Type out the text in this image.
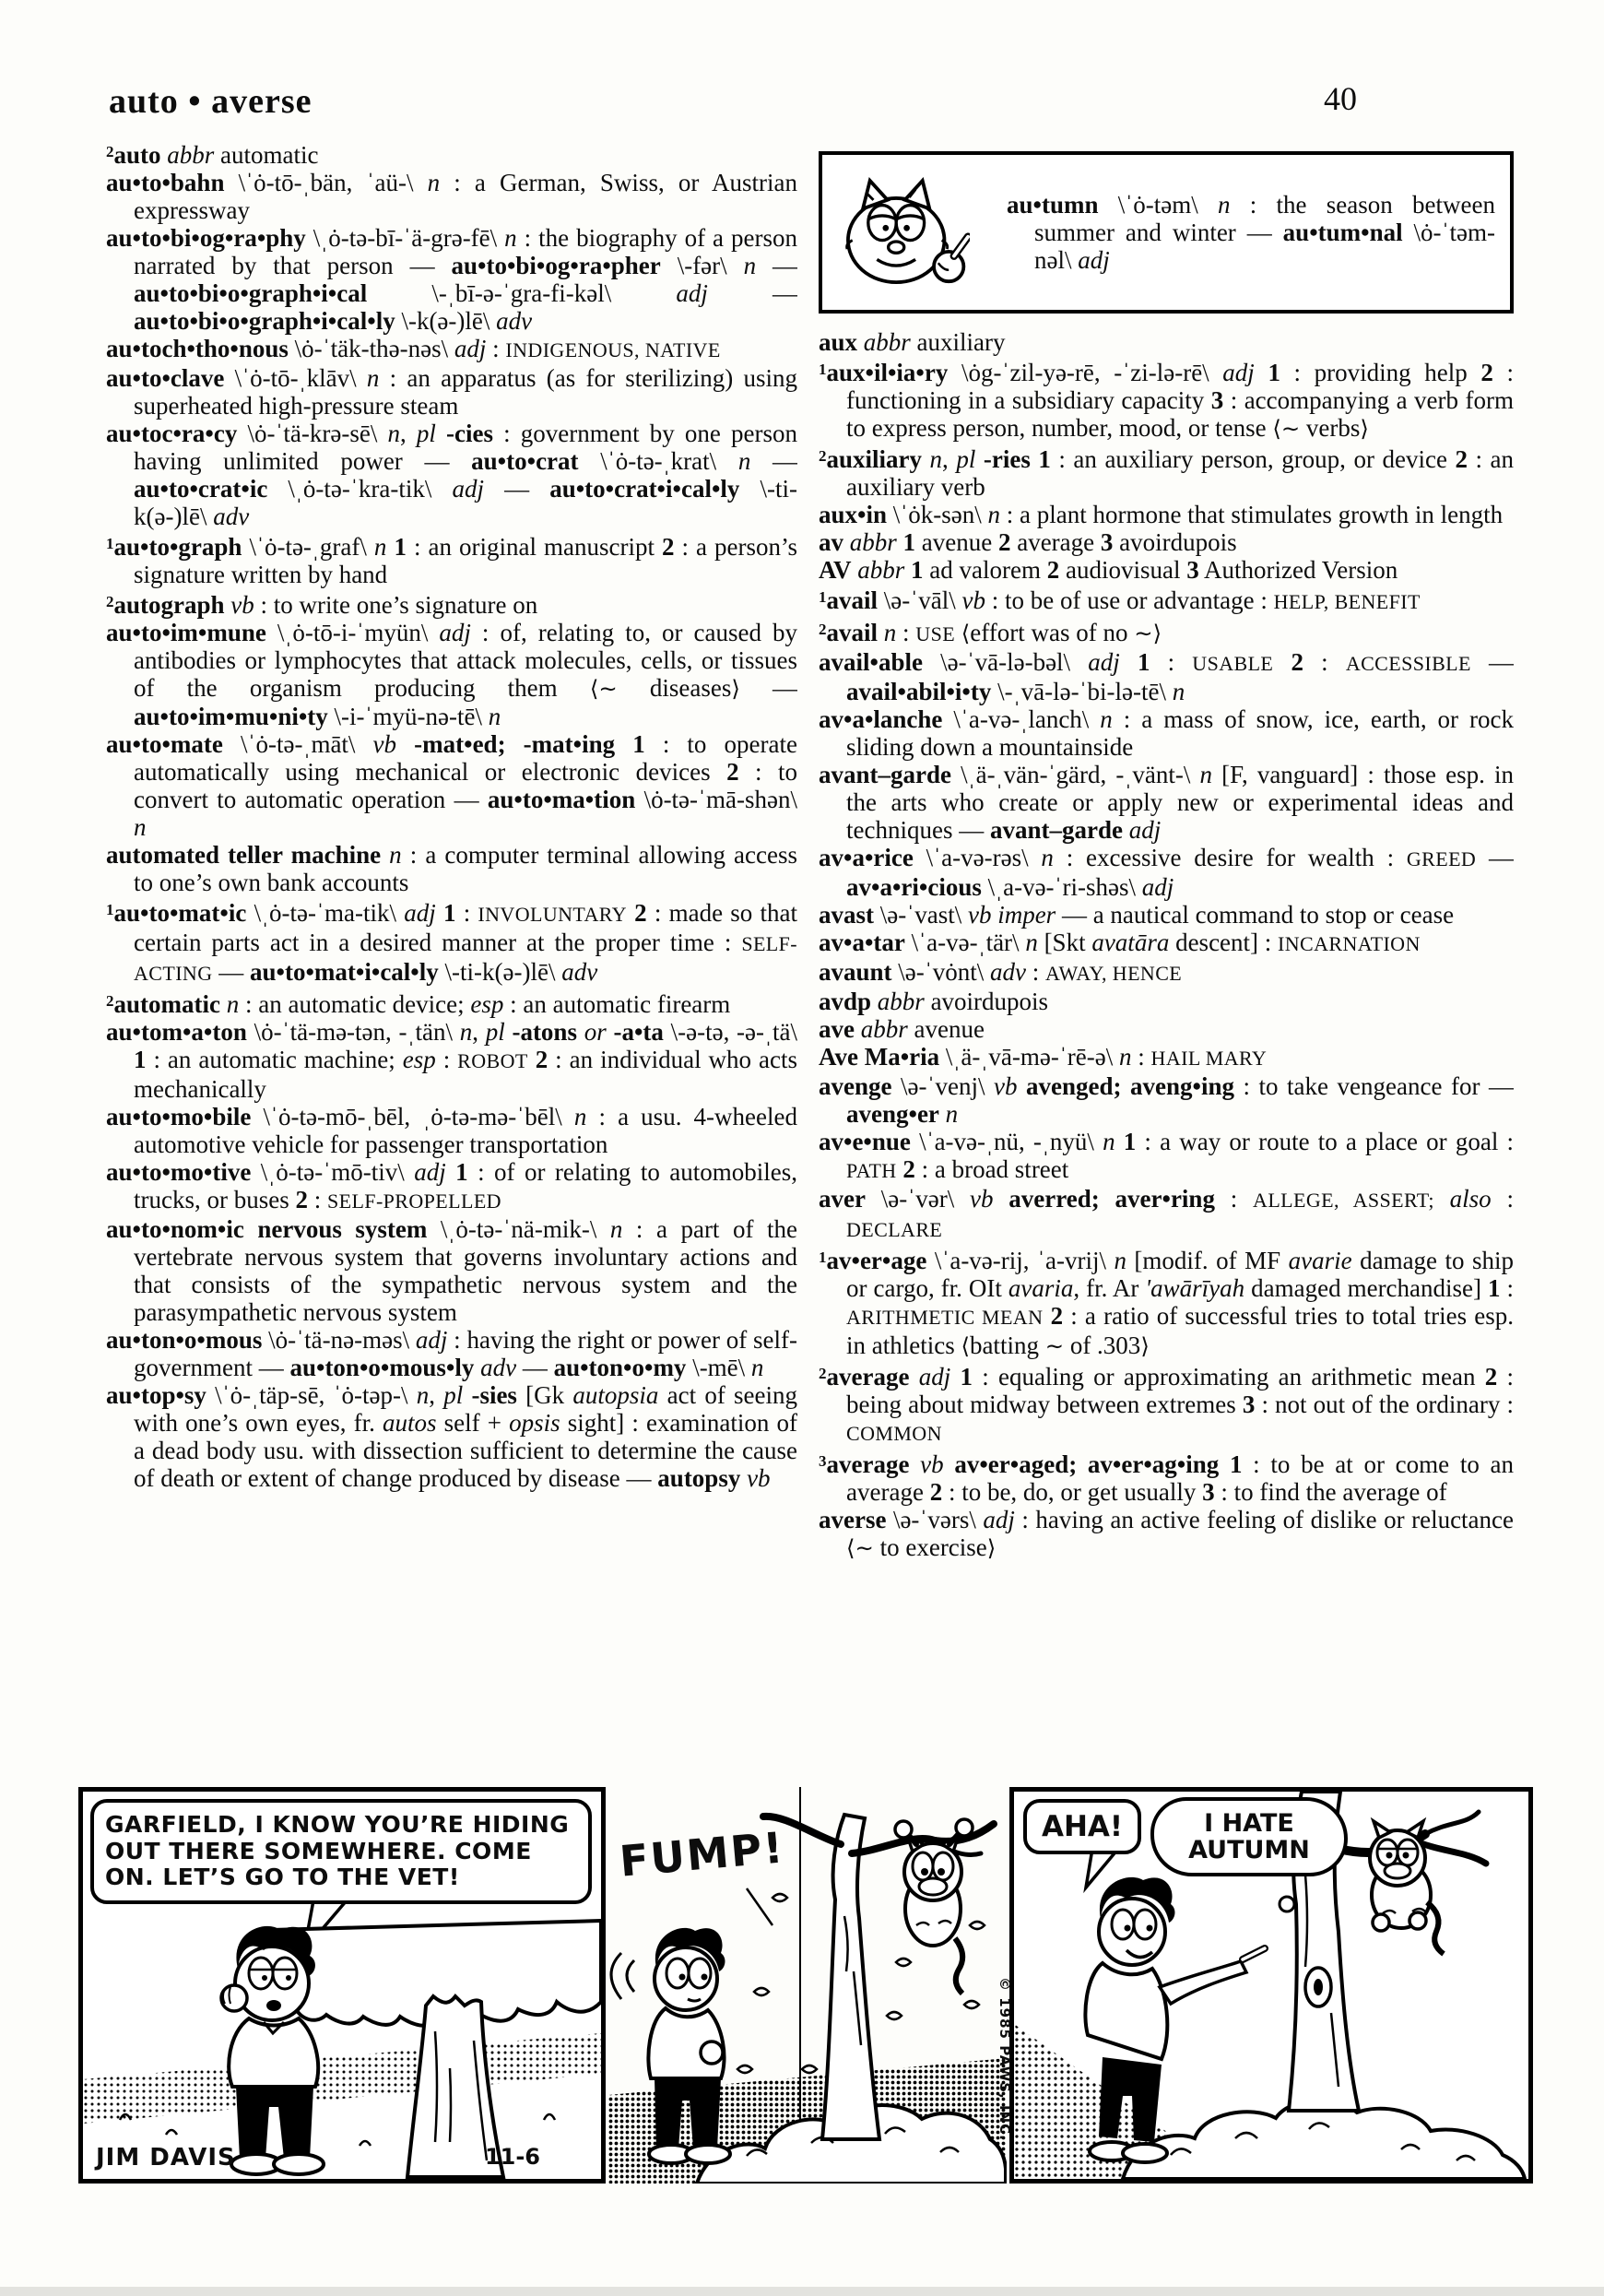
auto • averse	40

$^2$auto abbr automatic

au•to•bahn \ˈȯ-tō-ˌbän, ˈaü-\ n : a German, Swiss, or Austrian expressway

au•to•bi•og•ra•phy \ˌȯ-tə-bī-ˈä-grə-fē\ n : the biography of a person narrated by that person — au•to•bi•og•ra•pher \-fər\ n — au•to•bi•o•graph•i•cal \-ˌbī-ə-ˈgra-fi-kəl\ adj — au•to•bi•o•graph•i•cal•ly \-k(ə-)lē\ adv

au•toch•tho•nous \ȯ-ˈtäk-thə-nəs\ adj : INDIGENOUS, NATIVE

au•to•clave \ˈȯ-tō-ˌklāv\ n : an apparatus (as for sterilizing) using superheated high-pressure steam

au•toc•ra•cy \ȯ-ˈtä-krə-sē\ n, pl -cies : government by one person having unlimited power — au•to•crat \ˈȯ-tə-ˌkrat\ n — au•to•crat•ic \ˌȯ-tə-ˈkra-tik\ adj — au•to•crat•i•cal•ly \-ti-k(ə-)lē\ adv

$^1$au•to•graph \ˈȯ-tə-ˌgraf\ n 1 : an original manuscript 2 : a person’s signature written by hand

$^2$autograph vb : to write one’s signature on

au•to•im•mune \ˌȯ-tō-i-ˈmyün\ adj : of, relating to, or caused by antibodies or lymphocytes that attack molecules, cells, or tissues of the organism producing them ⟨∼ diseases⟩ — au•to•im•mu•ni•ty \-i-ˈmyü-nə-tē\ n

au•to•mate \ˈȯ-tə-ˌmāt\ vb -mat•ed; -mat•ing 1 : to operate automatically using mechanical or electronic devices 2 : to convert to automatic operation — au•to•ma•tion \ȯ-tə-ˈmā-shən\ n

automated teller machine n : a computer terminal allowing access to one’s own bank accounts

$^1$au•to•mat•ic \ˌȯ-tə-ˈma-tik\ adj 1 : INVOLUNTARY 2 : made so that certain parts act in a desired manner at the proper time : SELF-ACTING — au•to•mat•i•cal•ly \-ti-k(ə-)lē\ adv

$^2$automatic n : an automatic device; esp : an automatic firearm

au•tom•a•ton \ȯ-ˈtä-mə-tən, -ˌtän\ n, pl -atons or -a•ta \-ə-tə, -ə-ˌtä\ 1 : an automatic machine; esp : ROBOT 2 : an individual who acts mechanically

au•to•mo•bile \ˈȯ-tə-mō-ˌbēl, ˌȯ-tə-mə-ˈbēl\ n : a usu. 4-wheeled automotive vehicle for passenger transportation

au•to•mo•tive \ˌȯ-tə-ˈmō-tiv\ adj 1 : of or relating to automobiles, trucks, or buses 2 : SELF-PROPELLED

au•to•nom•ic nervous system \ˌȯ-tə-ˈnä-mik-\ n : a part of the vertebrate nervous system that governs involuntary actions and that consists of the sympathetic nervous system and the parasympathetic nervous system

au•ton•o•mous \ȯ-ˈtä-nə-məs\ adj : having the right or power of self-government — au•ton•o•mous•ly adv — au•ton•o•my \-mē\ n

au•top•sy \ˈȯ-ˌtäp-sē, ˈȯ-təp-\ n, pl -sies [Gk autopsia act of seeing with one’s own eyes, fr. autos self + opsis sight] : examination of a dead body usu. with dissection sufficient to determine the cause of death or extent of change produced by disease — autopsy vb

au•tumn \ˈȯ-təm\ n : the season between summer and winter — au•tum•nal \ȯ-ˈtəm-nəl\ adj

aux abbr auxiliary

$^1$aux•il•ia•ry \ȯg-ˈzil-yə-rē, -ˈzi-lə-rē\ adj 1 : providing help 2 : functioning in a subsidiary capacity 3 : accompanying a verb form to express person, number, mood, or tense ⟨∼ verbs⟩

$^2$auxiliary n, pl -ries 1 : an auxiliary person, group, or device 2 : an auxiliary verb

aux•in \ˈȯk-sən\ n : a plant hormone that stimulates growth in length

av abbr 1 avenue 2 average 3 avoirdupois

AV abbr 1 ad valorem 2 audiovisual 3 Authorized Version

$^1$avail \ə-ˈvāl\ vb : to be of use or advantage : HELP, BENEFIT

$^2$avail n : USE ⟨effort was of no ∼⟩

avail•able \ə-ˈvā-lə-bəl\ adj 1 : USABLE 2 : ACCESSIBLE — avail•abil•i•ty \-ˌvā-lə-ˈbi-lə-tē\ n

av•a•lanche \ˈa-və-ˌlanch\ n : a mass of snow, ice, earth, or rock sliding down a mountainside

avant–garde \ˌä-ˌvän-ˈgärd, -ˌvänt-\ n [F, vanguard] : those esp. in the arts who create or apply new or experimental ideas and techniques — avant–garde adj

av•a•rice \ˈa-və-rəs\ n : excessive desire for wealth : GREED — av•a•ri•cious \ˌa-və-ˈri-shəs\ adj

avast \ə-ˈvast\ vb imper — a nautical command to stop or cease

av•a•tar \ˈa-və-ˌtär\ n [Skt avatāra descent] : INCARNATION

avaunt \ə-ˈvȯnt\ adv : AWAY, HENCE

avdp abbr avoirdupois

ave abbr avenue

Ave Ma•ria \ˌä-ˌvā-mə-ˈrē-ə\ n : HAIL MARY

avenge \ə-ˈvenj\ vb avenged; aveng•ing : to take vengeance for — aveng•er n

av•e•nue \ˈa-və-ˌnü, -ˌnyü\ n 1 : a way or route to a place or goal : PATH 2 : a broad street

aver \ə-ˈvər\ vb averred; aver•ring : ALLEGE, ASSERT; also : DECLARE

$^1$av•er•age \ˈa-və-rij, ˈa-vrij\ n [modif. of MF avarie damage to ship or cargo, fr. OIt avaria, fr. Ar 'awārīyah damaged merchandise] 1 : ARITHMETIC MEAN 2 : a ratio of successful tries to total tries esp. in athletics ⟨batting ∼ of .303⟩

$^2$average adj 1 : equaling or approximating an arithmetic mean 2 : being about midway between extremes 3 : not out of the ordinary : COMMON

$^3$average vb av•er•aged; av•er•ag•ing 1 : to be at or come to an average 2 : to be, do, or get usually 3 : to find the average of

averse \ə-ˈvərs\ adj : having an active feeling of dislike or reluctance ⟨∼ to exercise⟩

GARFIELD, I KNOW YOU’RE HIDING OUT THERE SOMEWHERE. COME ON. LET’S GO TO THE VET!
JIM DAVIS	11-6
FUMP!
© 1985 PAWS, INC.
AHA!	I HATE AUTUMN
